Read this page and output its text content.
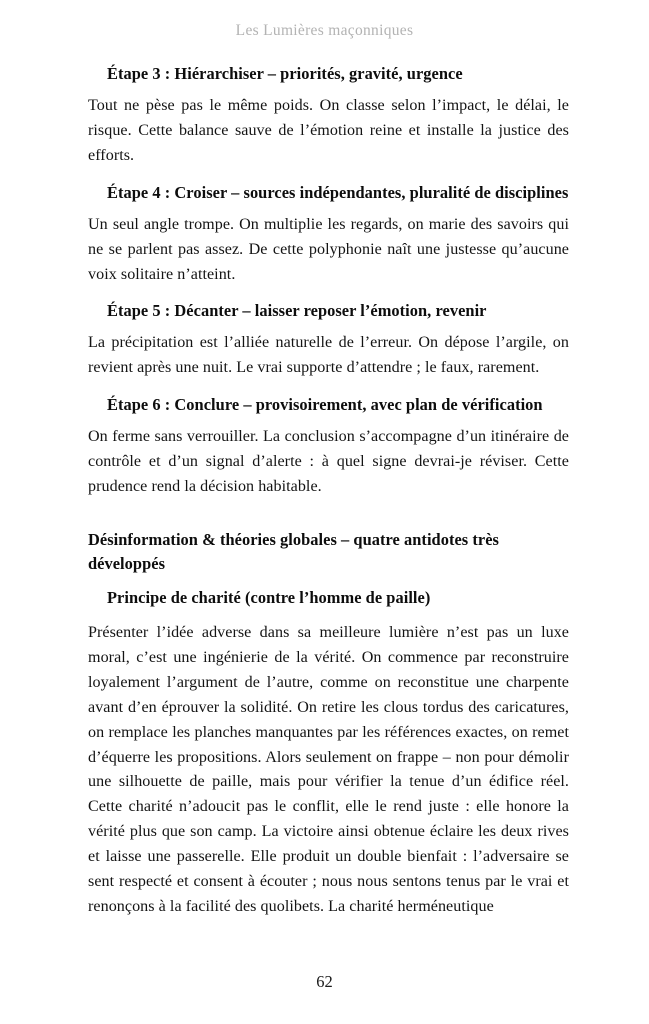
Les Lumières maçonniques
Étape 3 : Hiérarchiser – priorités, gravité, urgence

Tout ne pèse pas le même poids. On classe selon l’impact, le délai, le risque. Cette balance sauve de l’émotion reine et installe la justice des efforts.

Étape 4 : Croiser – sources indépendantes, pluralité de disciplines

Un seul angle trompe. On multiplie les regards, on marie des savoirs qui ne se parlent pas assez. De cette polyphonie naît une justesse qu’aucune voix solitaire n’atteint.

Étape 5 : Décanter – laisser reposer l’émotion, revenir

La précipitation est l’alliée naturelle de l’erreur. On dépose l’argile, on revient après une nuit. Le vrai supporte d’attendre ; le faux, rarement.

Étape 6 : Conclure – provisoirement, avec plan de vérification

On ferme sans verrouiller. La conclusion s’accompagne d’un itinéraire de contrôle et d’un signal d’alerte : à quel signe devrai-je réviser. Cette prudence rend la décision habitable.

Désinformation & théories globales – quatre antidotes très développés
Principe de charité (contre l’homme de paille)

Présenter l’idée adverse dans sa meilleure lumière n’est pas un luxe moral, c’est une ingénierie de la vérité. On commence par reconstruire loyalement l’argument de l’autre, comme on reconstitue une charpente avant d’en éprouver la solidité. On retire les clous tordus des caricatures, on remplace les planches manquantes par les références exactes, on remet d’équerre les propositions. Alors seulement on frappe – non pour démolir une silhouette de paille, mais pour vérifier la tenue d’un édifice réel. Cette charité n’adoucit pas le conflit, elle le rend juste : elle honore la vérité plus que son camp. La victoire ainsi obtenue éclaire les deux rives et laisse une passerelle. Elle produit un double bienfait : l’adversaire se sent respecté et consent à écouter ; nous nous sentons tenus par le vrai et renonçons à la facilité des quolibets. La charité herméneutique

62
